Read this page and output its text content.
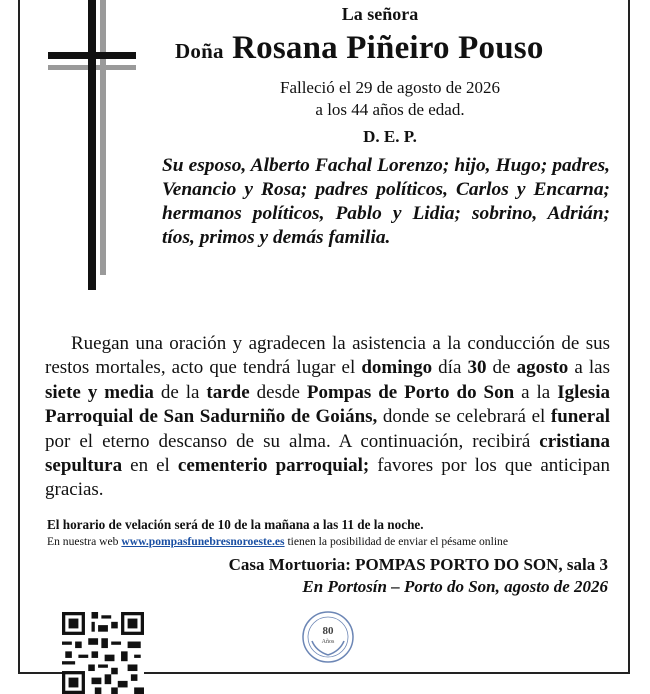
La señora
Doña Rosana Piñeiro Pouso
Falleció el 29 de agosto de 2026
a los 44 años de edad.
D. E. P.
Su esposo, Alberto Fachal Lorenzo; hijo, Hugo; padres, Venancio y Rosa; padres políticos, Carlos y Encarna; hermanos políticos, Pablo y Lidia; sobrino, Adrián; tíos, primos y demás familia.
Ruegan una oración y agradecen la asistencia a la conducción de sus restos mortales, acto que tendrá lugar el domingo día 30 de agosto a las siete y media de la tarde desde Pompas de Porto do Son a la Iglesia Parroquial de San Sadurniño de Goiáns, donde se celebrará el funeral por el eterno descanso de su alma. A continuación, recibirá cristiana sepultura en el cementerio parroquial; favores por los que anticipan gracias.
El horario de velación será de 10 de la mañana a las 11 de la noche.
En nuestra web www.pompasfunebresnoroeste.es tienen la posibilidad de enviar el pésame online
Casa Mortuoria: POMPAS PORTO DO SON, sala 3
En Portosín – Porto do Son, agosto de 2026
80
Años
